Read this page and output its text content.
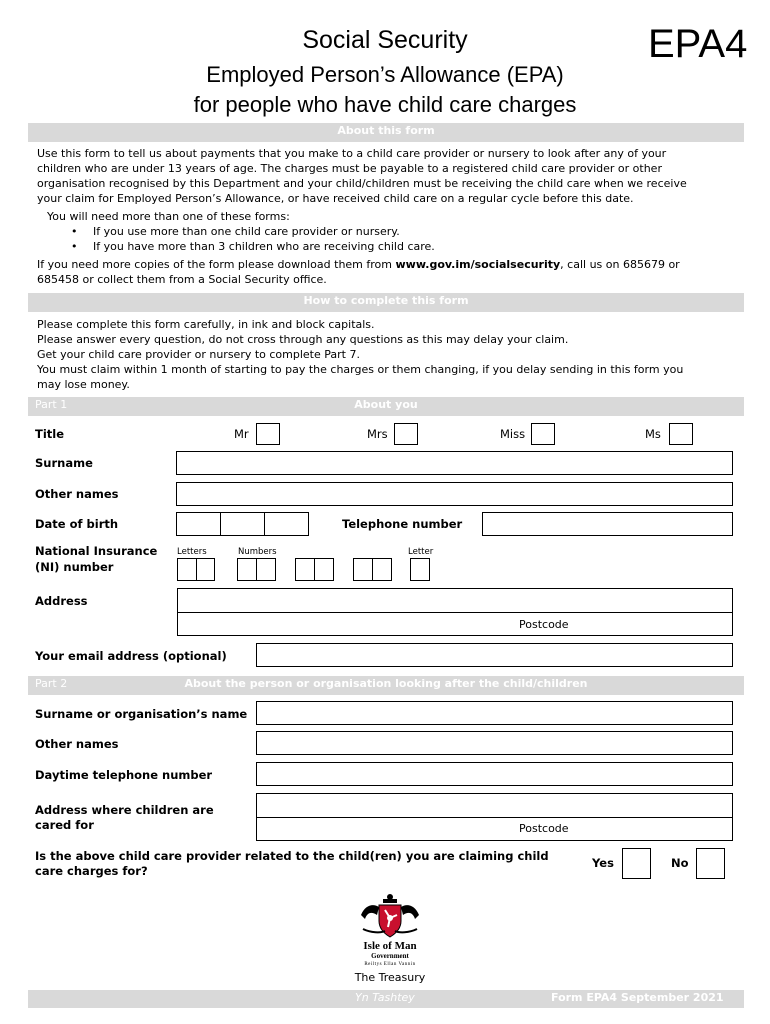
Social Security
Employed Person’s Allowance (EPA)
for people who have child care charges
EPA4
About this form
Use this form to tell us about payments that you make to a child care provider or nursery to look after any of your
children who are under 13 years of age. The charges must be payable to a registered child care provider or other
organisation recognised by this Department and your child/children must be receiving the child care when we receive
your claim for Employed Person’s Allowance, or have received child care on a regular cycle before this date.
You will need more than one of these forms:
• If you use more than one child care provider or nursery.
• If you have more than 3 children who are receiving child care.
If you need more copies of the form please download them from www.gov.im/socialsecurity, call us on 685679 or
685458 or collect them from a Social Security office.
How to complete this form
Please complete this form carefully, in ink and block capitals.
Please answer every question, do not cross through any questions as this may delay your claim.
Get your child care provider or nursery to complete Part 7.
You must claim within 1 month of starting to pay the charges or them changing, if you delay sending in this form you
may lose money.
Part 1	About you
Title	Mr	Mrs	Miss	Ms
Surname
Other names
Date of birth	Telephone number
National Insurance
(NI) number
Letters	Numbers	Letter
Address
Postcode
Your email address (optional)
Part 2	About the person or organisation looking after the child/children
Surname or organisation’s name
Other names
Daytime telephone number
Address where children are
cared for	Postcode
Is the above child care provider related to the child(ren) you are claiming child
care charges for?
Yes	No
Isle of Man
Government
Reiltys Ellan Vannin
The Treasury
Yn Tashtey	Form EPA4 September 2021
